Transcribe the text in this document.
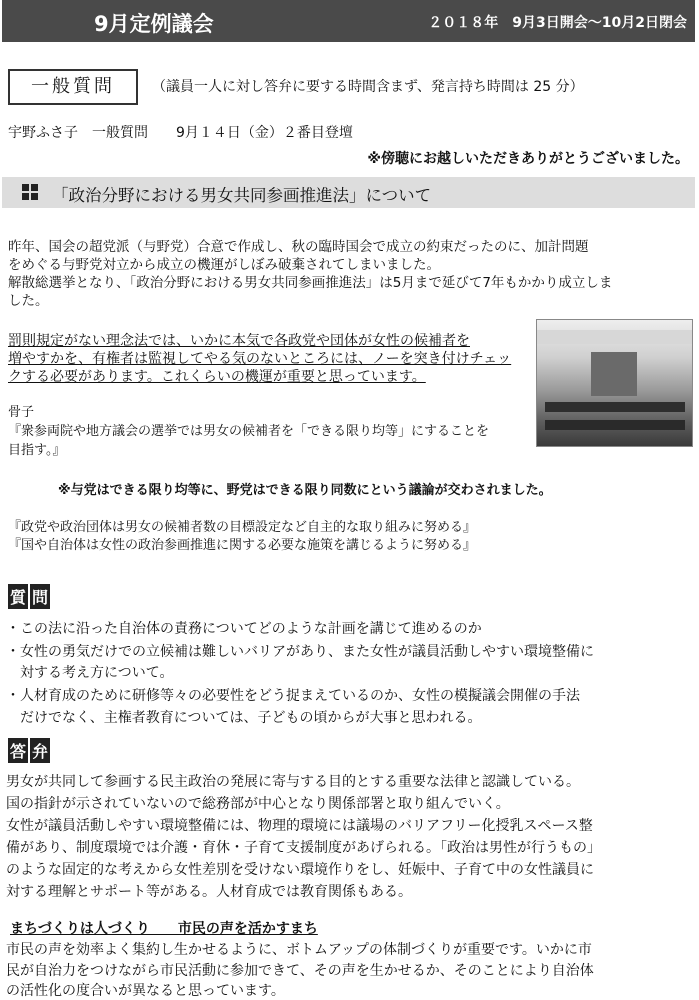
9月定例議会	２０１８年　9月3日開会～10月2日閉会
一般質問	（議員一人に対し答弁に要する時間含まず、発言持ち時間は 25 分）
宇野ふさ子　一般質問　　9月１４日（金）２番目登壇
※傍聴にお越しいただきありがとうございました。
「政治分野における男女共同参画推進法」について
昨年、国会の超党派（与野党）合意で作成し、秋の臨時国会で成立の約束だったのに、加計問題
をめぐる与野党対立から成立の機運がしぼみ破棄されてしまいました。
解散総選挙となり、「政治分野における男女共同参画推進法」は5月まで延びて7年もかかり成立しま
した。
罰則規定がない理念法では、いかに本気で各政党や団体が女性の候補者を
増やすかを、有権者は監視してやる気のないところには、ノーを突き付けチェッ
クする必要があります。これくらいの機運が重要と思っています。
骨子
『衆参両院や地方議会の選挙では男女の候補者を「できる限り均等」にすることを
目指す。』
※与党はできる限り均等に、野党はできる限り同数にという議論が交わされました。
『政党や政治団体は男女の候補者数の目標設定など自主的な取り組みに努める』
『国や自治体は女性の政治参画推進に関する必要な施策を講じるように努める』
質 問
・この法に沿った自治体の責務についてどのような計画を講じて進めるのか
・女性の勇気だけでの立候補は難しいバリアがあり、また女性が議員活動しやすい環境整備に
　対する考え方について。
・人材育成のために研修等々の必要性をどう捉まえているのか、女性の模擬議会開催の手法
　だけでなく、主権者教育については、子どもの頃からが大事と思われる。
答 弁
男女が共同して参画する民主政治の発展に寄与する目的とする重要な法律と認識している。
国の指針が示されていないので総務部が中心となり関係部署と取り組んでいく。
女性が議員活動しやすい環境整備には、物理的環境には議場のバリアフリー化授乳スペース整
備があり、制度環境では介護・育休・子育て支援制度があげられる。「政治は男性が行うもの」
のような固定的な考えから女性差別を受けない環境作りをし、妊娠中、子育て中の女性議員に
対する理解とサポート等がある。人材育成では教育関係もある。
まちづくりは人づくり　　市民の声を活かすまち
市民の声を効率よく集約し生かせるように、ボトムアップの体制づくりが重要です。いかに市
民が自治力をつけながら市民活動に参加できて、その声を生かせるか、そのことにより自治体
の活性化の度合いが異なると思っています。
